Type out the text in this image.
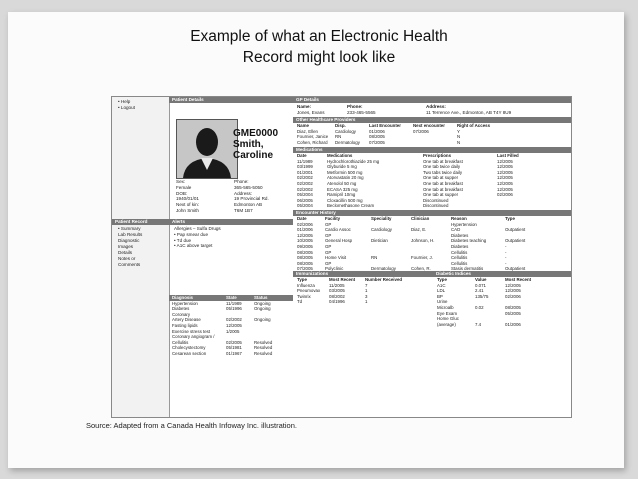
Example of what an Electronic Health
Record might look like
• Help
• Logout
Patient Record
• Summary
Lab Results
Diagnostic
Images
Details
Notes or
Comments
Patient Details
GME0000
Smith,
Caroline
Sex:
Female
DOB:
1940/01/01
Next of kin:
John Smith
Phone:
365-565-5050
Address:
19 Provincial Rd.
Edmonton AB
T6M 1B7
Alerts
Allergies – Sulfa Drugs
• Pap smear due
• Td due
• A1C above target
Diagnosis	State	Status
Hypertension	11/1989	Ongoing
Diabetes	05/1996	Ongoing
Coronary		
Artery Disease	02/2002	Ongoing
Fasting lipids	12/2005	
Exercise stress test	1/2005	
Coronary angiogram /		
Cellulitis	02/2005	Resolved
Cholecystectomy	05/1981	Resolved
Cesarean section	01/1967	Resolved
GP Details
Name:
Jones, Evans
Phone:
233-465-5565
Address:
11 Terrence Ave., Edmonton, AB T4Y 8U9
Other Healthcare Providers
Name	Disp.	Last Encounter	Next encounter	Right of Access
Diaz, Ellen	Cardiology	01/2006	07/2006	Y
Fournier, Janice	RN	08/2005		N
Cohen, Richard	Dermatology	07/2005		N
Medications
Date	Medications	Prescriptions	Last Filled
11/1989	Hydrochlorothiazide 25 mg	One tab at breakfast	12/2005
03/1999	Glyburide 5 mg	One tab twice daily	12/2005
01/2001	Metformin 500 mg	Two tabs twice daily	12/2005
02/2002	Atorvastatin 20 mg	One tab at supper	12/2005
02/2002	Atenolol 50 mg	One tab at breakfast	12/2005
02/2002	ECASA 325 mg	One tab at breakfast	12/2005
05/2004	Ramipril 10mg	One tab at supper	02/2006
06/2005	Cloxacillin 500 mg	Discontinued	
05/2004	Beclomethasone Cream	Discontinued	
Encounter History
Date	Facility	Speciality	Clinician	Reason	Type
02/2006	GP			Hypertension	
01/2006	Cardio Assoc	Cardiology	Diaz, E.	CAD	Outpatient
12/2005	GP			Diabetes	
10/2005	General Hosp	Dietician	Johnson, H.	Diabetes teaching	Outpatient
09/2005	GP			Diabetes	-
08/2005	GP			Cellulitis	-
08/2005	Home Visit	RN	Fournier, J.	Cellulitis	-
08/2005	GP			Cellulitis	-
07/2005	Polyclinic	Dermatology	Cohen, R.	Stasis dermatitis	Outpatient
Immunizations
Type	Most Recent	Number Received
Influenza	11/2005	7
Pneumovax	03/2005	1
Twinrix	08/2002	3
Td	04/1996	1
Diabetic Indices
Type	Value	Most Recent
A1C	0.071	12/2005
LDL	2.41	12/2005
BP	135/75	02/2006
Urine		
Microalb	0.02	08/2005
Eye Exam		05/2005
Home Gluc		
(average)	7.4	01/2006
Source: Adapted from a Canada Health Infoway Inc. illustration.
